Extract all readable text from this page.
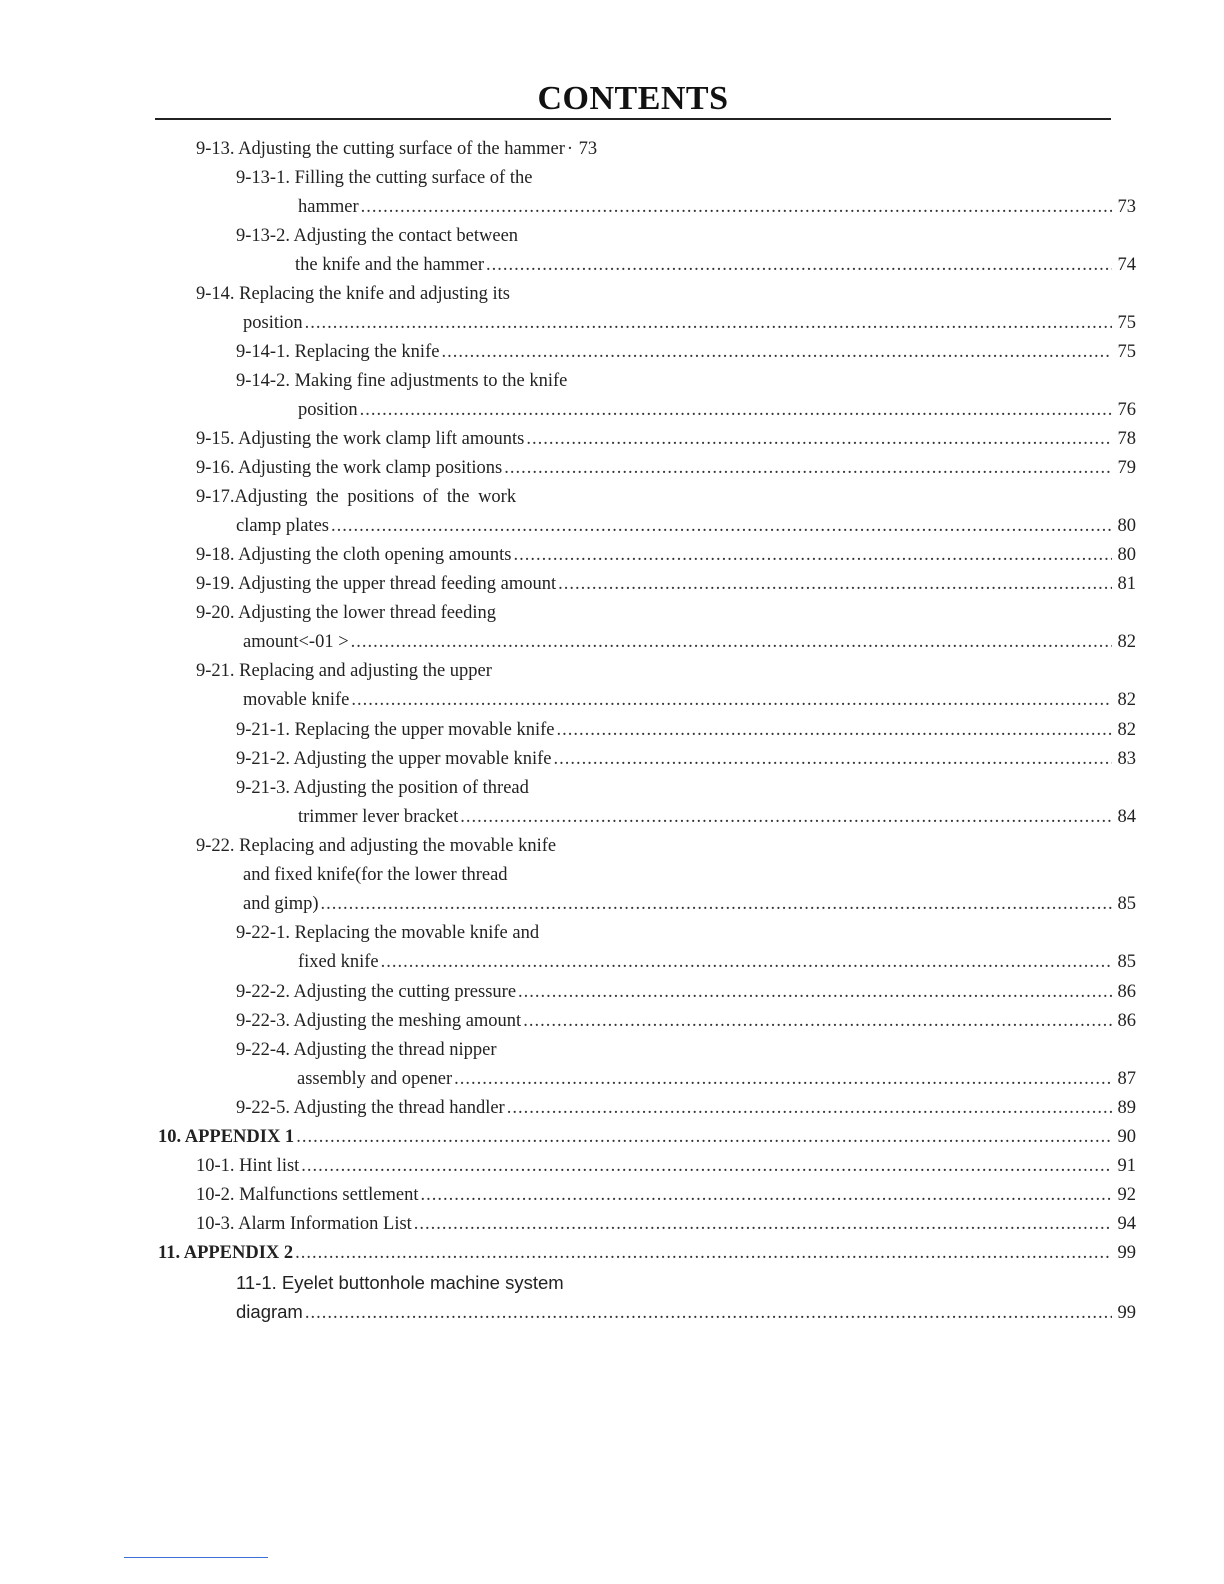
CONTENTS
9-13. Adjusting the cutting surface of the hammer · 73
9-13-1. Filling the cutting surface of the
hammer .....	73
9-13-2. Adjusting the contact between
the knife and the hammer .....	74
9-14. Replacing the knife and adjusting its
position .....	75
9-14-1. Replacing the knife .....	75
9-14-2. Making fine adjustments to the knife
position .....	76
9-15. Adjusting the work clamp lift amounts .....	78
9-16. Adjusting the work clamp positions .....	79
9-17.Adjusting the positions of the work
clamp plates .....	80
9-18. Adjusting the cloth opening amounts .....	80
9-19. Adjusting the upper thread feeding amount .....	81
9-20. Adjusting the lower thread feeding
amount<-01 > .....	82
9-21. Replacing and adjusting the upper
movable knife .....	82
9-21-1. Replacing the upper movable knife .....	82
9-21-2. Adjusting the upper movable knife .....	83
9-21-3. Adjusting the position of thread
trimmer lever bracket .....	84
9-22. Replacing and adjusting the movable knife
and fixed knife(for the lower thread
and gimp) .....	85
9-22-1. Replacing the movable knife and
fixed knife .....	85
9-22-2. Adjusting the cutting pressure .....	86
9-22-3. Adjusting the meshing amount .....	86
9-22-4. Adjusting the thread nipper
assembly and opener .....	87
9-22-5. Adjusting the thread handler .....	89
10. APPENDIX 1 .....	90
10-1. Hint list .....	91
10-2. Malfunctions settlement .....	92
10-3. Alarm Information List .....	94
11. APPENDIX 2 .....	99
11-1. Eyelet buttonhole machine system
diagram .....	99
